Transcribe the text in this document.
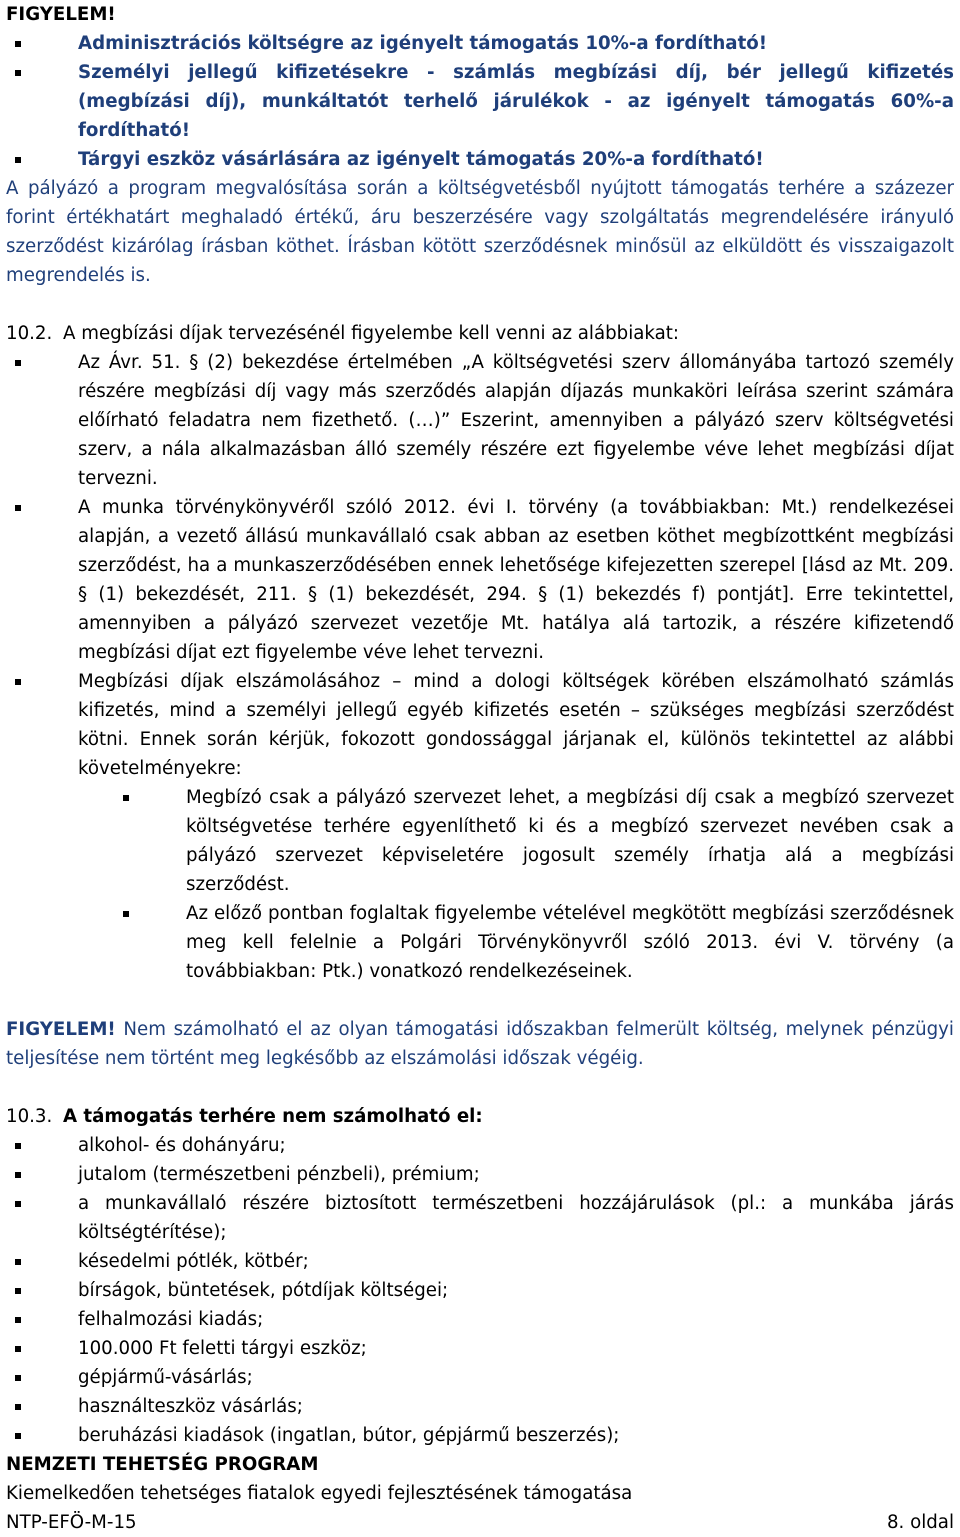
FIGYELEM!

Adminisztrációs költségre az igényelt támogatás 10%-a fordítható!
Személyi jellegű kifizetésekre - számlás megbízási díj, bér jellegű kifizetés (megbízási díj), munkáltatót terhelő járulékok - az igényelt támogatás 60%-a fordítható!
Tárgyi eszköz vásárlására az igényelt támogatás 20%-a fordítható!

A pályázó a program megvalósítása során a költségvetésből nyújtott támogatás terhére a százezer forint értékhatárt meghaladó értékű, áru beszerzésére vagy szolgáltatás megrendelésére irányuló szerződést kizárólag írásban köthet. Írásban kötött szerződésnek minősül az elküldött és visszaigazolt megrendelés is.

10.2. A megbízási díjak tervezésénél figyelembe kell venni az alábbiakat:
Az Ávr. 51. § (2) bekezdése értelmében „A költségvetési szerv állományába tartozó személy részére megbízási díj vagy más szerződés alapján díjazás munkaköri leírása szerint számára előírható feladatra nem fizethető. (…)” Eszerint, amennyiben a pályázó szerv költségvetési szerv, a nála alkalmazásban álló személy részére ezt figyelembe véve lehet megbízási díjat tervezni.
A munka törvénykönyvéről szóló 2012. évi I. törvény (a továbbiakban: Mt.) rendelkezései alapján, a vezető állású munkavállaló csak abban az esetben köthet megbízottként megbízási szerződést, ha a munkaszerződésében ennek lehetősége kifejezetten szerepel [lásd az Mt. 209. § (1) bekezdését, 211. § (1) bekezdését, 294. § (1) bekezdés f) pontját]. Erre tekintettel, amennyiben a pályázó szervezet vezetője Mt. hatálya alá tartozik, a részére kifizetendő megbízási díjat ezt figyelembe véve lehet tervezni.
Megbízási díjak elszámolásához – mind a dologi költségek körében elszámolható számlás kifizetés, mind a személyi jellegű egyéb kifizetés esetén – szükséges megbízási szerződést kötni. Ennek során kérjük, fokozott gondossággal járjanak el, különös tekintettel az alábbi követelményekre:
Megbízó csak a pályázó szervezet lehet, a megbízási díj csak a megbízó szervezet költségvetése terhére egyenlíthető ki és a megbízó szervezet nevében csak a pályázó szervezet képviseletére jogosult személy írhatja alá a megbízási szerződést.
Az előző pontban foglaltak figyelembe vételével megkötött megbízási szerződésnek meg kell felelnie a Polgári Törvénykönyvről szóló 2013. évi V. törvény (a továbbiakban: Ptk.) vonatkozó rendelkezéseinek.

FIGYELEM! Nem számolható el az olyan támogatási időszakban felmerült költség, melynek pénzügyi teljesítése nem történt meg legkésőbb az elszámolási időszak végéig.

10.3. A támogatás terhére nem számolható el:
alkohol- és dohányáru;
jutalom (természetbeni pénzbeli), prémium;
a munkavállaló részére biztosított természetbeni hozzájárulások (pl.: a munkába járás költségtérítése);
késedelmi pótlék, kötbér;
bírságok, büntetések, pótdíjak költségei;
felhalmozási kiadás;
100.000 Ft feletti tárgyi eszköz;
gépjármű-vásárlás;
használteszköz vásárlás;
beruházási kiadások (ingatlan, bútor, gépjármű beszerzés);

NEMZETI TEHETSÉG PROGRAM

Kiemelkedően tehetséges fiatalok egyedi fejlesztésének támogatása

NTP-EFÖ-M-15	8. oldal
